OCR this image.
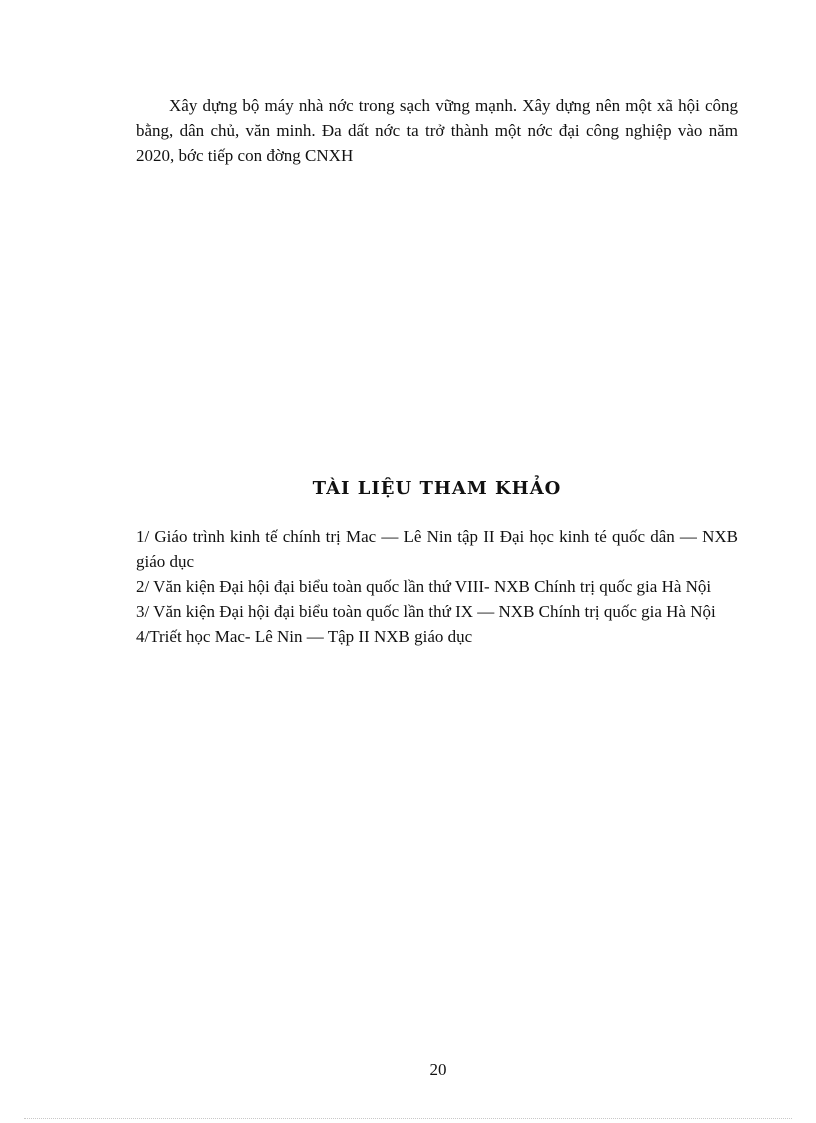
Xây dựng bộ máy nhà nớc trong sạch vững mạnh. Xây dựng nên một xã hội công bằng, dân chủ, văn minh. Đa dất nớc ta trở thành một nớc đại công nghiệp vào năm 2020, bớc tiếp con đờng CNXH

TÀI LIỆU THAM KHẢO
1/ Giáo trình kinh tế chính trị Mac — Lê Nin tập II Đại học kinh té quốc dân — NXB giáo dục
2/ Văn kiện Đại hội đại biểu toàn quốc lần thứ VIII- NXB Chính trị quốc gia Hà Nội
3/ Văn kiện Đại hội đại biểu toàn quốc lần thứ IX — NXB Chính trị quốc gia Hà Nội
4/Triết học Mac- Lê Nin — Tập II NXB giáo dục

20
